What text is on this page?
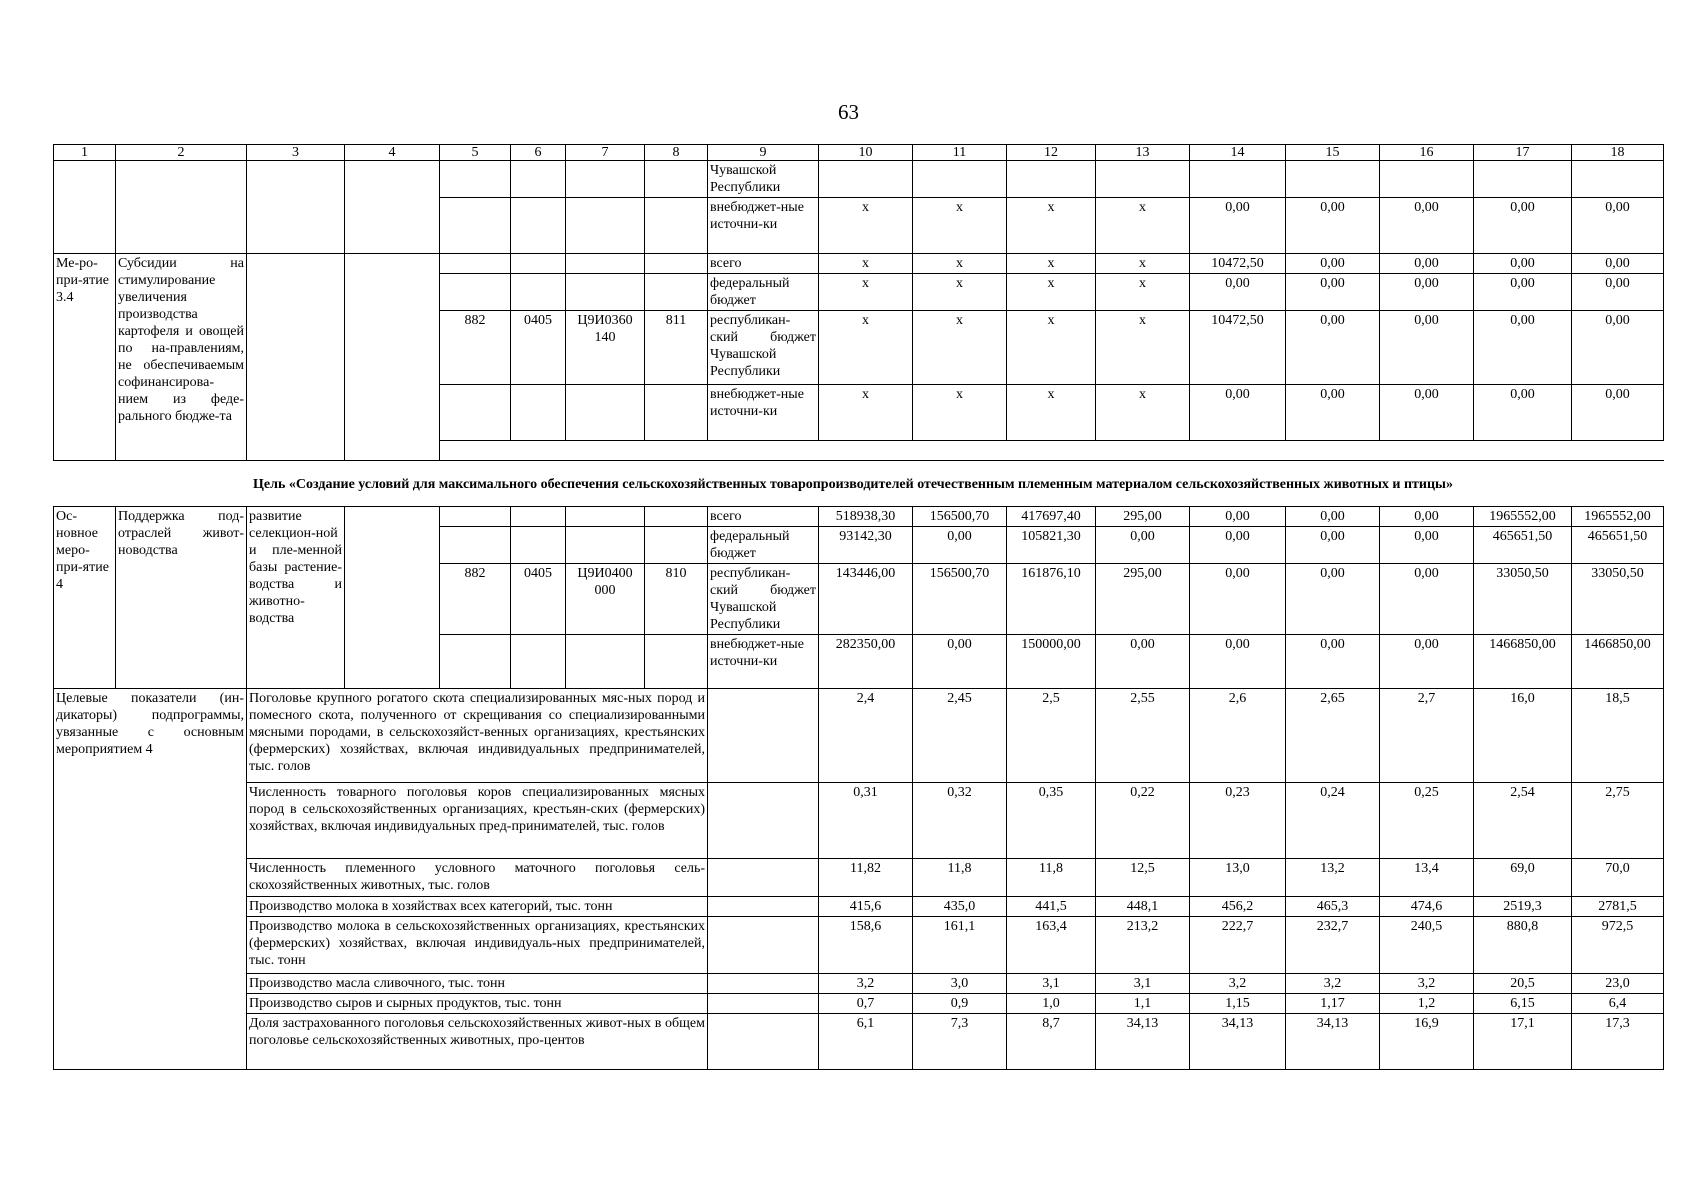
63
1	2	3	4	5	6	7	8	9	10	11	12	13	14	15	16	17	18
								Чувашской Республики									
								внебюджет-ные источни-ки	x	x	x	x	0,00	0,00	0,00	0,00	0,00
Ме-ро-при-ятие 3.4	Субсидии на стимулирование увеличения производства картофеля и овощей по на-правлениям, не обеспечиваемым софинансирова-нием из феде-рального бюдже-та							всего	x	x	x	x	10472,50	0,00	0,00	0,00	0,00
								федеральный бюджет	x	x	x	x	0,00	0,00	0,00	0,00	0,00
				882	0405	Ц9И0360 140	811	республикан-ский бюджет Чувашской Республики	x	x	x	x	10472,50	0,00	0,00	0,00	0,00
								внебюджет-ные источни-ки	x	x	x	x	0,00	0,00	0,00	0,00	0,00

Цель «Создание условий для максимального обеспечения сельскохозяйственных товаропроизводителей отечественным племенным материалом сельскохозяйственных животных и птицы»
Ос-новное меро-при-ятие 4	Поддержка под-отраслей живот-новодства	развитие селекцион-ной и пле-менной базы растение-водства и животно-водства						всего	518938,30	156500,70	417697,40	295,00	0,00	0,00	0,00	1965552,00	1965552,00
								федеральный бюджет	93142,30	0,00	105821,30	0,00	0,00	0,00	0,00	465651,50	465651,50
				882	0405	Ц9И0400 000	810	республикан-ский бюджет Чувашской Республики	143446,00	156500,70	161876,10	295,00	0,00	0,00	0,00	33050,50	33050,50
								внебюджет-ные источни-ки	282350,00	0,00	150000,00	0,00	0,00	0,00	0,00	1466850,00	1466850,00
Целевые показатели (ин-дикаторы) подпрограммы, увязанные с основным мероприятием 4		Поголовье крупного рогатого скота специализированных мяс-ных пород и помесного скота, полученного от скрещивания со специализированными мясными породами, в сельскохозяйст-венных организациях, крестьянских (фермерских) хозяйствах, включая индивидуальных предпринимателей, тыс. голов							2,4	2,45	2,5	2,55	2,6	2,65	2,7	16,0	18,5
		Численность товарного поголовья коров специализированных мясных пород в сельскохозяйственных организациях, крестьян-ских (фермерских) хозяйствах, включая индивидуальных пред-принимателей, тыс. голов							0,31	0,32	0,35	0,22	0,23	0,24	0,25	2,54	2,75
		Численность племенного условного маточного поголовья сель-скохозяйственных животных, тыс. голов							11,82	11,8	11,8	12,5	13,0	13,2	13,4	69,0	70,0
		Производство молока в хозяйствах всех категорий, тыс. тонн							415,6	435,0	441,5	448,1	456,2	465,3	474,6	2519,3	2781,5
		Производство молока в сельскохозяйственных организациях, крестьянских (фермерских) хозяйствах, включая индивидуаль-ных предпринимателей, тыс. тонн							158,6	161,1	163,4	213,2	222,7	232,7	240,5	880,8	972,5
		Производство масла сливочного, тыс. тонн							3,2	3,0	3,1	3,1	3,2	3,2	3,2	20,5	23,0
		Производство сыров и сырных продуктов, тыс. тонн							0,7	0,9	1,0	1,1	1,15	1,17	1,2	6,15	6,4
		Доля застрахованного поголовья сельскохозяйственных живот-ных в общем поголовье сельскохозяйственных животных, про-центов							6,1	7,3	8,7	34,13	34,13	34,13	16,9	17,1	17,3
